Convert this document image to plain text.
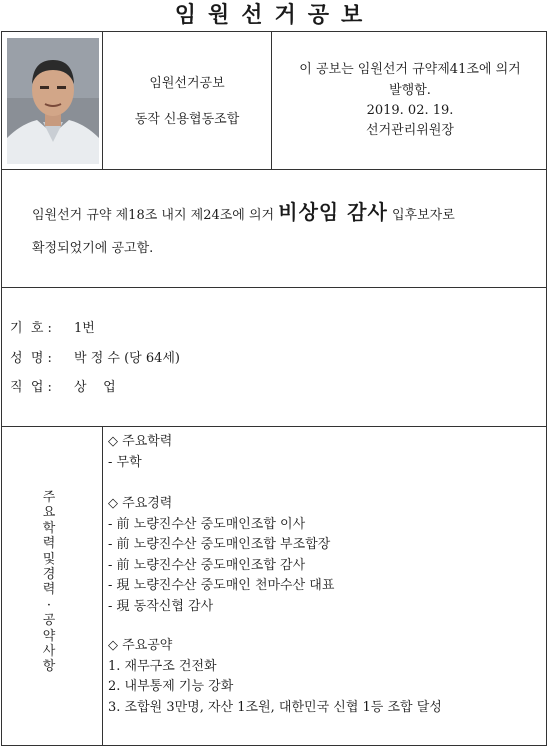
임원선거공보
임원선거공보
동작 신용협동조합
이 공보는 임원선거 규약제41조에 의거
발행함.
2019. 02. 19.
선거관리위원장
임원선거 규약 제18조 내지 제24조에 의거 비상임 감사 입후보자로
확정되었기에 공고함.
기  호 : 1번
성  명 : 박 정 수 (당 64세)
직  업 : 상    업
주
요
학
력
및
경
력
·
공
약
사
항
◇ 주요학력
- 무학
◇ 주요경력
- 前 노량진수산 중도매인조합 이사
- 前 노량진수산 중도매인조합 부조합장
- 前 노량진수산 중도매인조합 감사
- 現 노량진수산 중도매인 천마수산 대표
- 現 동작신협 감사
◇ 주요공약
1. 재무구조 건전화
2. 내부통제 기능 강화
3. 조합원 3만명, 자산 1조원, 대한민국 신협 1등 조합 달성
